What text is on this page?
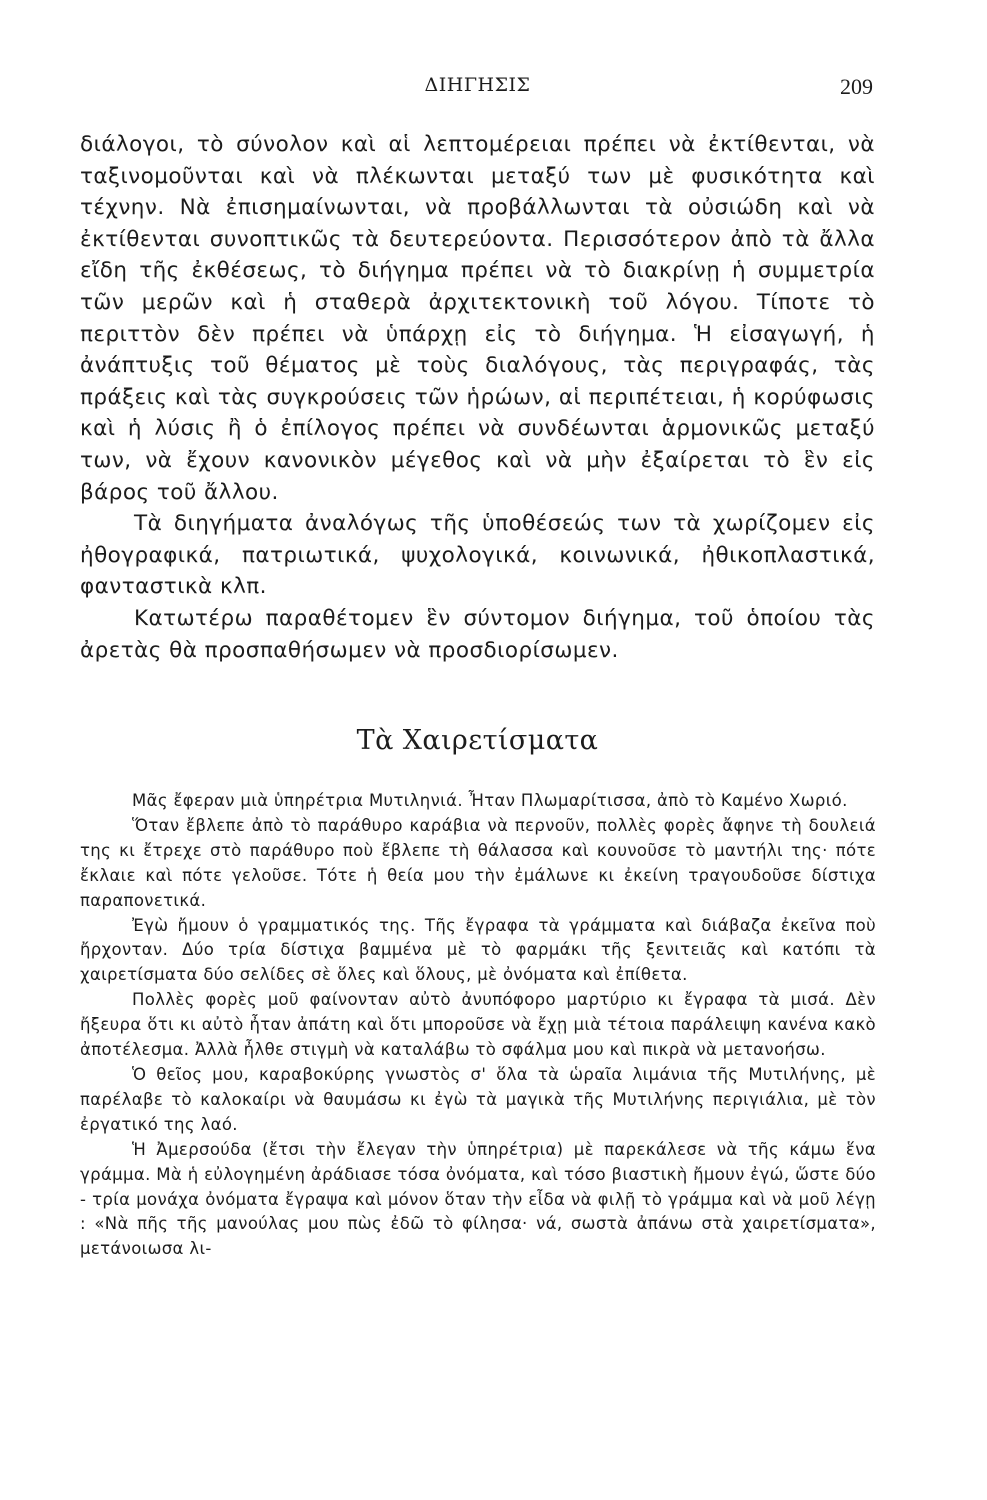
ΔΙΗΓΗΣΙΣ	209

διάλογοι, τὸ σύνολον καὶ αἱ λεπτομέρειαι πρέπει νὰ ἐκτίθενται, νὰ ταξινομοῦνται καὶ νὰ πλέκωνται μεταξύ των μὲ φυσικότητα καὶ τέχνην. Νὰ ἐπισημαίνωνται, νὰ προβάλλωνται τὰ οὐσιώδη καὶ νὰ ἐκτίθενται συνοπτικῶς τὰ δευτερεύοντα. Περισσότερον ἀπὸ τὰ ἄλλα εἴδη τῆς ἐκθέσεως, τὸ διήγημα πρέπει νὰ τὸ διακρίνῃ ἡ συμμετρία τῶν μερῶν καὶ ἡ σταθερὰ ἀρχιτεκτονικὴ τοῦ λόγου. Τίποτε τὸ περιττὸν δὲν πρέπει νὰ ὑπάρχῃ εἰς τὸ διήγημα. Ἡ εἰσαγωγή, ἡ ἀνάπτυξις τοῦ θέματος μὲ τοὺς διαλόγους, τὰς περιγραφάς, τὰς πράξεις καὶ τὰς συγκρούσεις τῶν ἡρώων, αἱ περιπέτειαι, ἡ κορύφωσις καὶ ἡ λύσις ἢ ὁ ἐπίλογος πρέπει νὰ συνδέωνται ἁρμονικῶς μεταξύ των, νὰ ἔχουν κανονικὸν μέγεθος καὶ νὰ μὴν ἐξαίρεται τὸ ἓν εἰς βάρος τοῦ ἄλλου.

Τὰ διηγήματα ἀναλόγως τῆς ὑποθέσεώς των τὰ χωρίζομεν εἰς ἠθογραφικά, πατριωτικά, ψυχολογικά, κοινωνικά, ἠθικοπλαστικά, φανταστικὰ κλπ.

Κατωτέρω παραθέτομεν ἓν σύντομον διήγημα, τοῦ ὁποίου τὰς ἀρετὰς θὰ προσπαθήσωμεν νὰ προσδιορίσωμεν.

Τὰ Χαιρετίσματα

Μᾶς ἔφεραν μιὰ ὑπηρέτρια Μυτιληνιά. Ἦταν Πλωμαρίτισσα, ἀπὸ τὸ Καμένο Χωριό.

Ὅταν ἔβλεπε ἀπὸ τὸ παράθυρο καράβια νὰ περνοῦν, πολλὲς φορὲς ἄφηνε τὴ δουλειά της κι ἔτρεχε στὸ παράθυρο ποὺ ἔβλεπε τὴ θάλασσα καὶ κουνοῦσε τὸ μαντήλι της· πότε ἔκλαιε καὶ πότε γελοῦσε. Τότε ἡ θεία μου τὴν ἐμάλωνε κι ἐκείνη τραγουδοῦσε δίστιχα παραπονετικά.

Ἐγὼ ἤμουν ὁ γραμματικός της. Τῆς ἔγραφα τὰ γράμματα καὶ διάβαζα ἐκεῖνα ποὺ ἤρχονταν. Δύο τρία δίστιχα βαμμένα μὲ τὸ φαρμάκι τῆς ξενιτειᾶς καὶ κατόπι τὰ χαιρετίσματα δύο σελίδες σὲ ὅλες καὶ ὅλους, μὲ ὀνόματα καὶ ἐπίθετα.

Πολλὲς φορὲς μοῦ φαίνονταν αὐτὸ ἀνυπόφορο μαρτύριο κι ἔγραφα τὰ μισά. Δὲν ἤξευρα ὅτι κι αὐτὸ ἦταν ἀπάτη καὶ ὅτι μποροῦσε νὰ ἔχῃ μιὰ τέτοια παράλειψη κανένα κακὸ ἀποτέλεσμα. Ἀλλὰ ἦλθε στιγμὴ νὰ καταλάβω τὸ σφάλμα μου καὶ πικρὰ νὰ μετανοήσω.

Ὁ θεῖος μου, καραβοκύρης γνωστὸς σ' ὅλα τὰ ὡραῖα λιμάνια τῆς Μυτιλήνης, μὲ παρέλαβε τὸ καλοκαίρι νὰ θαυμάσω κι ἐγὼ τὰ μαγικὰ τῆς Μυτιλήνης περιγιάλια, μὲ τὸν ἐργατικό της λαό.

Ἡ Ἀμερσούδα (ἔτσι τὴν ἔλεγαν τὴν ὑπηρέτρια) μὲ παρεκάλεσε νὰ τῆς κάμω ἕνα γράμμα. Μὰ ἡ εὐλογημένη ἀράδιασε τόσα ὀνόματα, καὶ τόσο βιαστικὴ ἤμουν ἐγώ, ὥστε δύο - τρία μονάχα ὀνόματα ἔγραψα καὶ μόνον ὅταν τὴν εἶδα νὰ φιλῇ τὸ γράμμα καὶ νὰ μοῦ λέγῃ : «Νὰ πῆς τῆς μανούλας μου πὼς ἐδῶ τὸ φίλησα· νά, σωστὰ ἀπάνω στὰ χαιρετίσματα», μετάνοιωσα λι-
